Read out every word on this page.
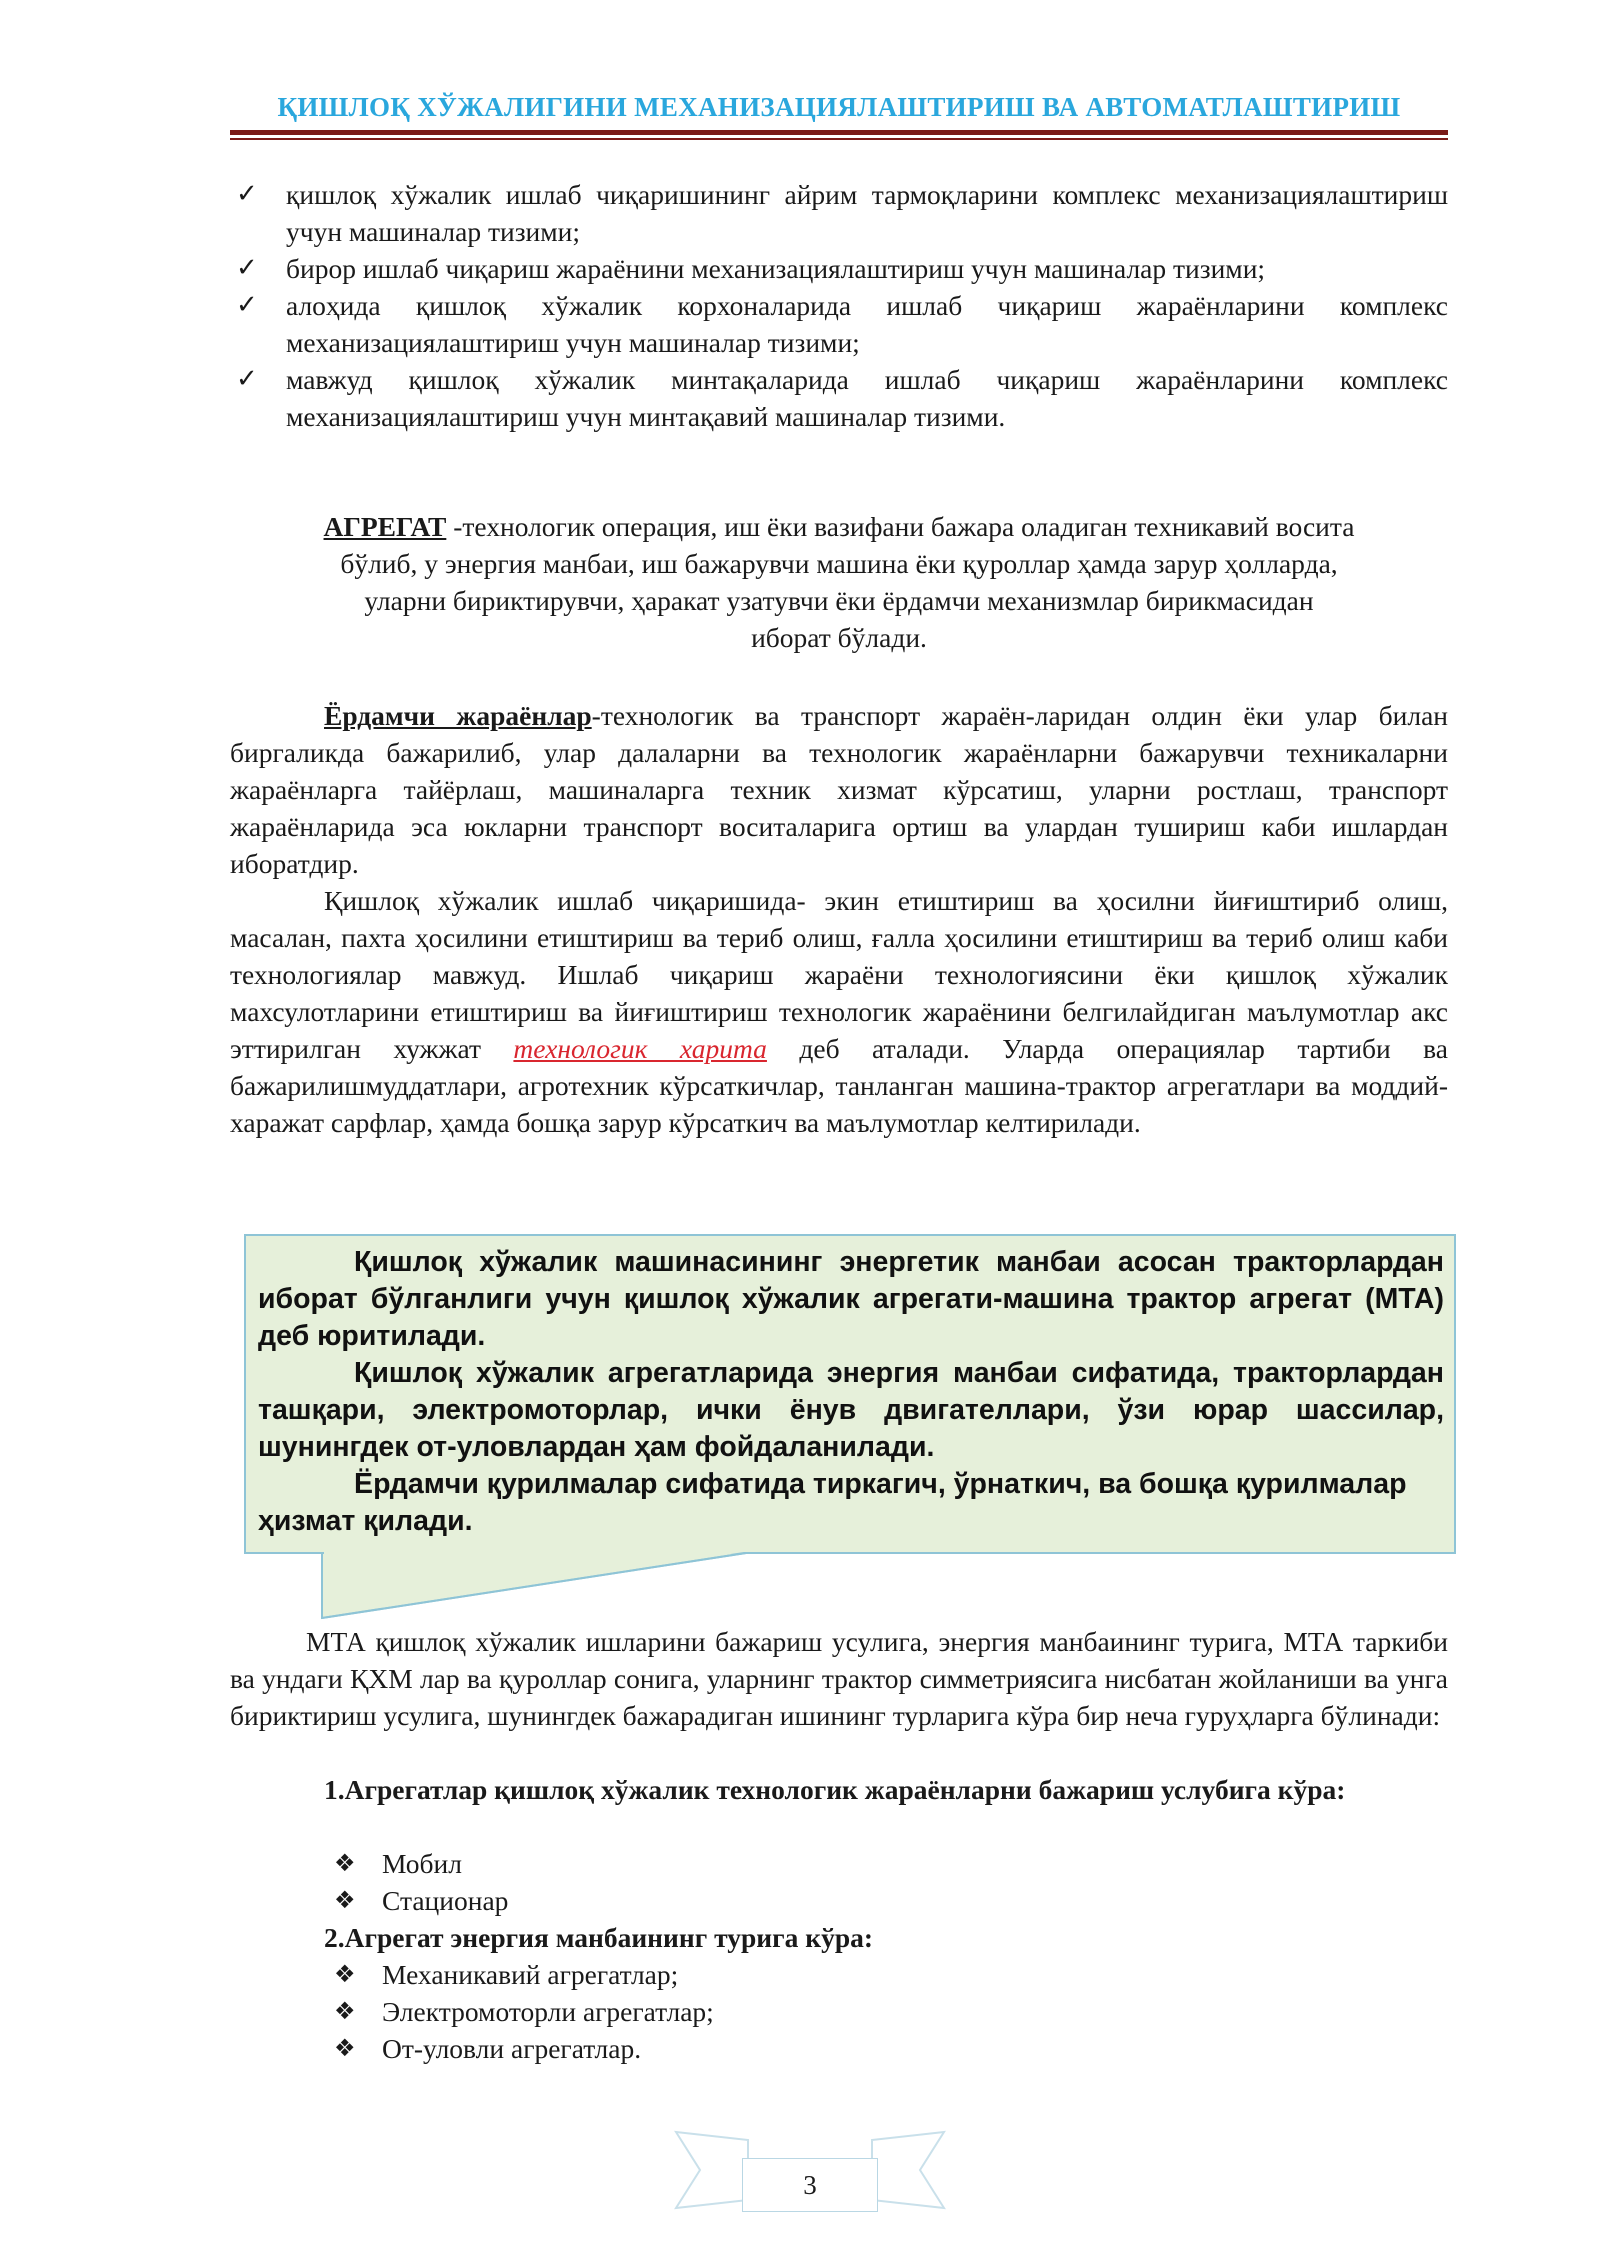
ҚИШЛОҚ ХЎЖАЛИГИНИ МЕХАНИЗАЦИЯЛАШТИРИШ ВА АВТОМАТЛАШТИРИШ
✓ қишлоқ хўжалик ишлаб чиқаришининг айрим тармоқларини комплекс механизациялаштириш учун машиналар тизими;
✓ бирор ишлаб чиқариш жараёнини механизациялаштириш учун машиналар тизими;
✓ алоҳида қишлоқ хўжалик корхоналарида ишлаб чиқариш жараёнларини комплекс механизациялаштириш учун машиналар тизими;
✓ мавжуд қишлоқ хўжалик минтақаларида ишлаб чиқариш жараёнларини комплекс механизациялаштириш учун минтақавий машиналар тизими.
АГРЕГАТ -технологик операция, иш ёки вазифани бажара оладиган техникавий восита
бўлиб, у энергия манбаи, иш бажарувчи машина ёки қуроллар ҳамда зарур ҳолларда,
уларни бириктирувчи, ҳаракат узатувчи ёки ёрдамчи механизмлар бирикмасидан
иборат бўлади.
Ёрдамчи жараёнлар-технологик ва транспорт жараён-ларидан олдин ёки улар билан биргаликда бажарилиб, улар далаларни ва технологик жараёнларни бажарувчи техникаларни жараёнларга тайёрлаш, машиналарга техник хизмат кўрсатиш, уларни ростлаш, транспорт жараёнларида эса юкларни транспорт воситаларига ортиш ва улардан тушириш каби ишлардан иборатдир.
Қишлоқ хўжалик ишлаб чиқаришида- экин етиштириш ва ҳосилни йиғиштириб олиш, масалан, пахта ҳосилини етиштириш ва териб олиш, ғалла ҳосилини етиштириш ва териб олиш каби технологиялар мавжуд. Ишлаб чиқариш жараёни технологиясини ёки қишлоқ хўжалик махсулотларини етиштириш ва йиғиштириш технологик жараёнини белгилайдиган маълумотлар акс эттирилган хужжат технологик харита деб аталади. Уларда операциялар тартиби ва бажарилишмуддатлари, агротехник кўрсаткичлар, танланган машина-трактор агрегатлари ва моддий-харажат сарфлар, ҳамда бошқа зарур кўрсаткич ва маълумотлар келтирилади.

Қишлоқ хўжалик машинасининг энергетик манбаи асосан тракторлардан иборат бўлганлиги учун қишлоқ хўжалик агрегати-машина трактор агрегат (МТА) деб юритилади.

Қишлоқ хўжалик агрегатларида энергия манбаи сифатида, тракторлардан ташқари, электромоторлар, ички ёнув двигателлари, ўзи юрар шассилар, шунингдек от-уловлардан ҳам фойдаланилади.

Ёрдамчи қурилмалар сифатида тиркагич, ўрнаткич, ва бошқа қурилмалар ҳизмат қилади.

МТА қишлоқ хўжалик ишларини бажариш усулига, энергия манбаининг турига, МТА таркиби ва ундаги ҚХМ лар ва қуроллар сонига, уларнинг трактор симметриясига нисбатан жойланиши ва унга бириктириш усулига, шунингдек бажарадиган ишининг турларига кўра бир неча гуруҳларга бўлинади:
1.Агрегатлар қишлоқ хўжалик технологик жараёнларни бажариш услубига кўра:
❖ Мобил
❖ Стационар
2.Агрегат энергия манбаининг турига кўра:
❖ Механикавий агрегатлар;
❖ Электромоторли агрегатлар;
❖ От-уловли агрегатлар.
3
